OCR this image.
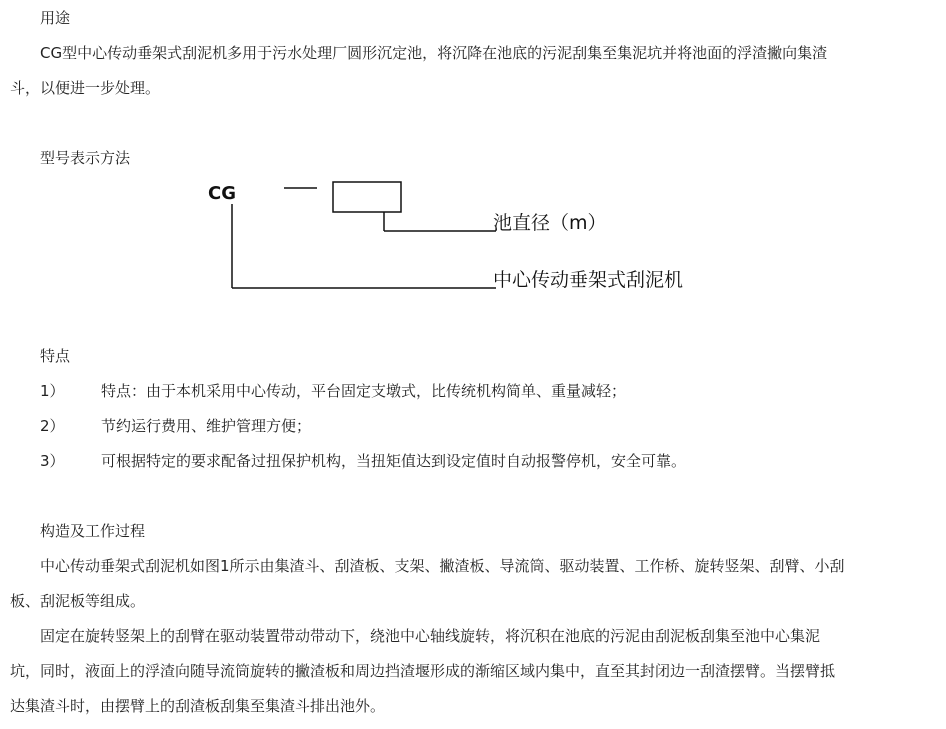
用途
CG型中心传动垂架式刮泥机多用于污水处理厂圆形沉定池，将沉降在池底的污泥刮集至集泥坑并将池面的浮渣撇向集渣
斗，以便进一步处理。
型号表示方法
CG
池直径（m）
中心传动垂架式刮泥机
特点
1） 特点：由于本机采用中心传动，平台固定支墩式，比传统机构简单、重量减轻；
2） 节约运行费用、维护管理方便；
3） 可根据特定的要求配备过扭保护机构，当扭矩值达到设定值时自动报警停机，安全可靠。
构造及工作过程
中心传动垂架式刮泥机如图1所示由集渣斗、刮渣板、支架、撇渣板、导流筒、驱动装置、工作桥、旋转竖架、刮臂、小刮
板、刮泥板等组成。
固定在旋转竖架上的刮臂在驱动装置带动带动下，绕池中心轴线旋转，将沉积在池底的污泥由刮泥板刮集至池中心集泥
坑，同时，液面上的浮渣向随导流筒旋转的撇渣板和周边挡渣堰形成的渐缩区域内集中，直至其封闭边一刮渣摆臂。当摆臂抵
达集渣斗时，由摆臂上的刮渣板刮集至集渣斗排出池外。
